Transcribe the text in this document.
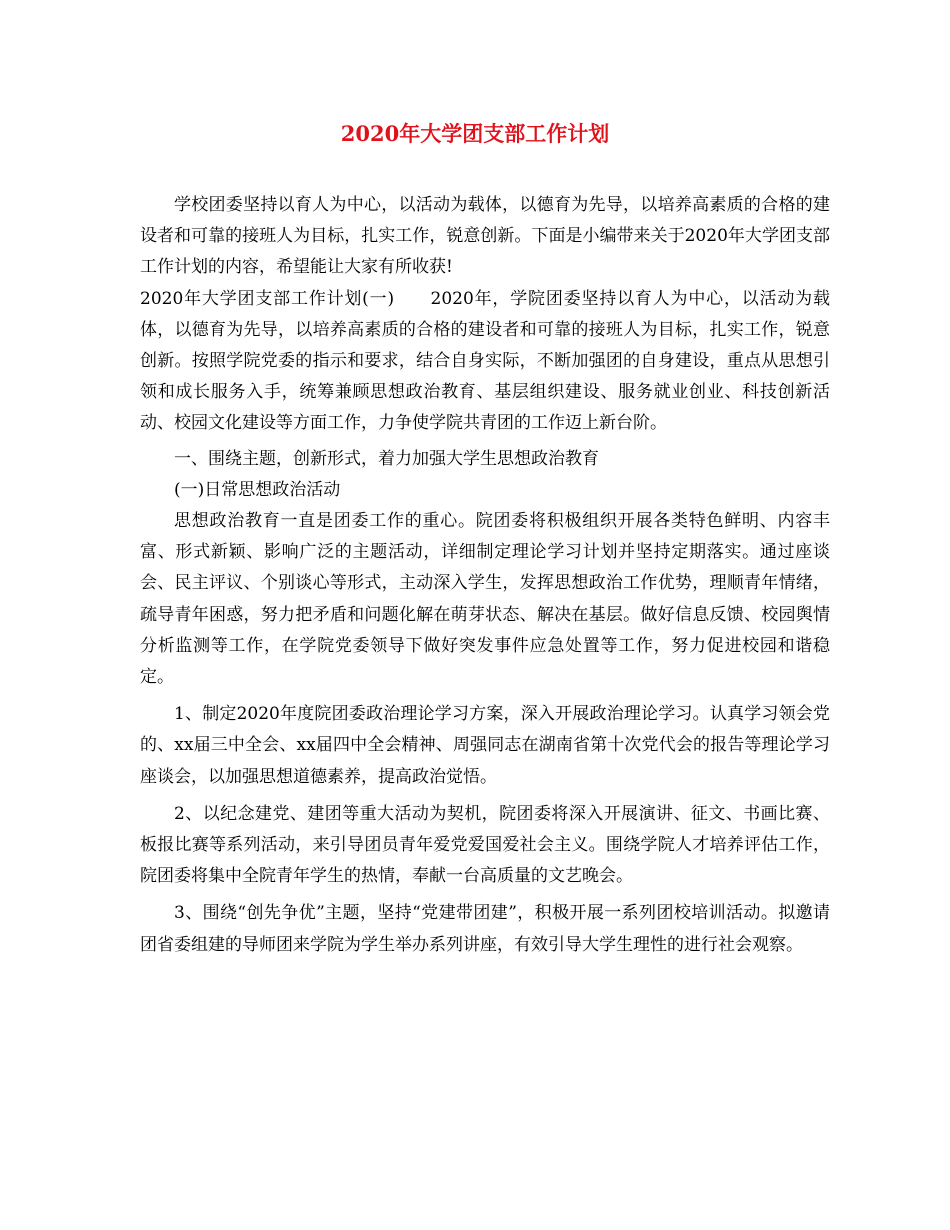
2020年大学团支部工作计划

学校团委坚持以育人为中心，以活动为载体，以德育为先导，以培养高素质的合格的建设者和可靠的接班人为目标，扎实工作，锐意创新。下面是小编带来关于2020年大学团支部工作计划的内容，希望能让大家有所收获!

2020年大学团支部工作计划(一)　　2020年，学院团委坚持以育人为中心，以活动为载体，以德育为先导，以培养高素质的合格的建设者和可靠的接班人为目标，扎实工作，锐意创新。按照学院党委的指示和要求，结合自身实际，不断加强团的自身建设，重点从思想引领和成长服务入手，统筹兼顾思想政治教育、基层组织建设、服务就业创业、科技创新活动、校园文化建设等方面工作，力争使学院共青团的工作迈上新台阶。

一、围绕主题，创新形式，着力加强大学生思想政治教育

(一)日常思想政治活动

思想政治教育一直是团委工作的重心。院团委将积极组织开展各类特色鲜明、内容丰富、形式新颖、影响广泛的主题活动，详细制定理论学习计划并坚持定期落实。通过座谈会、民主评议、个别谈心等形式，主动深入学生，发挥思想政治工作优势，理顺青年情绪，疏导青年困惑，努力把矛盾和问题化解在萌芽状态、解决在基层。做好信息反馈、校园舆情分析监测等工作，在学院党委领导下做好突发事件应急处置等工作，努力促进校园和谐稳定。

1、制定2020年度院团委政治理论学习方案，深入开展政治理论学习。认真学习领会党的、xx届三中全会、xx届四中全会精神、周强同志在湖南省第十次党代会的报告等理论学习座谈会，以加强思想道德素养，提高政治觉悟。

2、以纪念建党、建团等重大活动为契机，院团委将深入开展演讲、征文、书画比赛、板报比赛等系列活动，来引导团员青年爱党爱国爱社会主义。围绕学院人才培养评估工作，院团委将集中全院青年学生的热情，奉献一台高质量的文艺晚会。

3、围绕“创先争优”主题，坚持“党建带团建”，积极开展一系列团校培训活动。拟邀请团省委组建的导师团来学院为学生举办系列讲座，有效引导大学生理性的进行社会观察。
